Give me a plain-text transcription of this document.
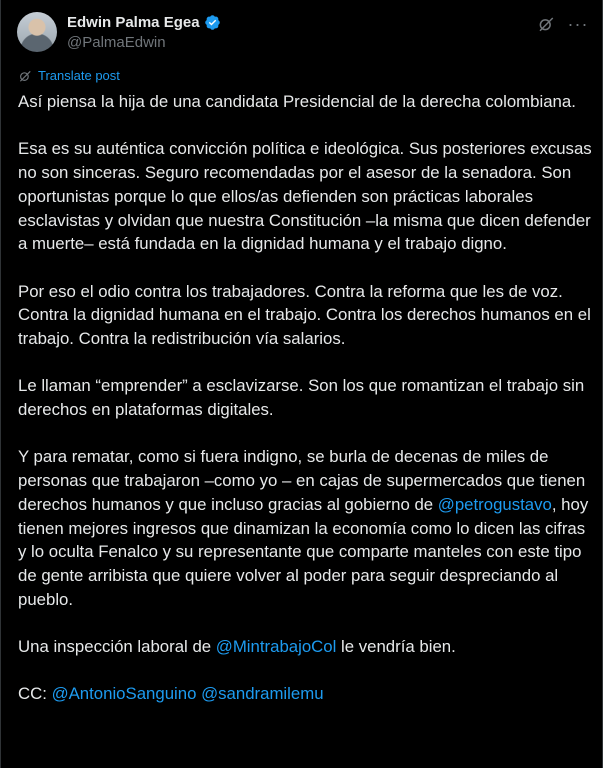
Edwin Palma Egea
@PalmaEdwin
···
Translate post

Así piensa la hija de una candidata Presidencial de la derecha colombiana.

Esa es su auténtica convicción política e ideológica. Sus posteriores excusas no son sinceras. Seguro recomendadas por el asesor de la senadora. Son oportunistas porque lo que ellos/as defienden son prácticas laborales esclavistas y olvidan que nuestra Constitución –la misma que dicen defender a muerte– está fundada en la dignidad humana y el trabajo digno.

Por eso el odio contra los trabajadores. Contra la reforma que les de voz. Contra la dignidad humana en el trabajo. Contra los derechos humanos en el trabajo. Contra la redistribución vía salarios.

Le llaman “emprender” a esclavizarse. Son los que romantizan el trabajo sin derechos en plataformas digitales.

Y para rematar, como si fuera indigno, se burla de decenas de miles de personas que trabajaron –como yo – en cajas de supermercados que tienen derechos humanos y que incluso gracias al gobierno de @petrogustavo, hoy tienen mejores ingresos que dinamizan la economía como lo dicen las cifras y lo oculta Fenalco y su representante que comparte manteles con este tipo de gente arribista que quiere volver al poder para seguir despreciando al pueblo.

Una inspección laboral de @MintrabajoCol le vendría bien.

CC: @AntonioSanguino @sandramilemu
